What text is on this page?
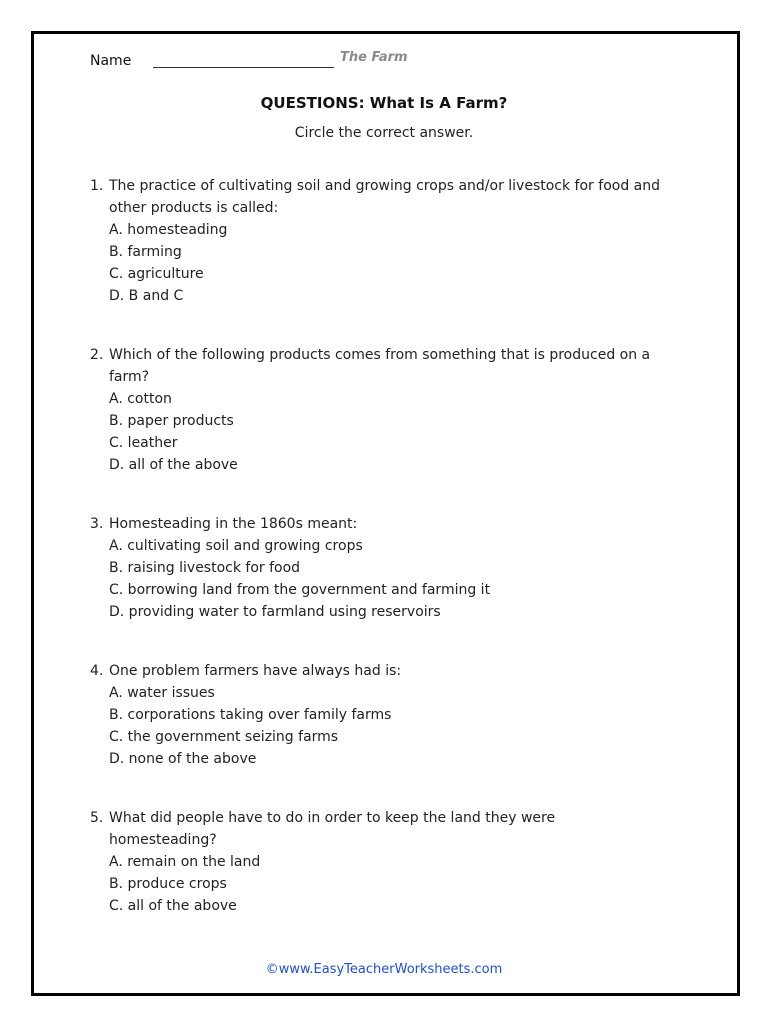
Name	The Farm
QUESTIONS: What Is A Farm?
Circle the correct answer.
1. The practice of cultivating soil and growing crops and/or livestock for food and other products is called:
A. homesteading
B. farming
C. agriculture
D. B and C
2. Which of the following products comes from something that is produced on a farm?
A. cotton
B. paper products
C. leather
D. all of the above
3. Homesteading in the 1860s meant:
A. cultivating soil and growing crops
B. raising livestock for food
C. borrowing land from the government and farming it
D. providing water to farmland using reservoirs
4. One problem farmers have always had is:
A. water issues
B. corporations taking over family farms
C. the government seizing farms
D. none of the above
5. What did people have to do in order to keep the land they were homesteading?
A. remain on the land
B. produce crops
C. all of the above
©www.EasyTeacherWorksheets.com
